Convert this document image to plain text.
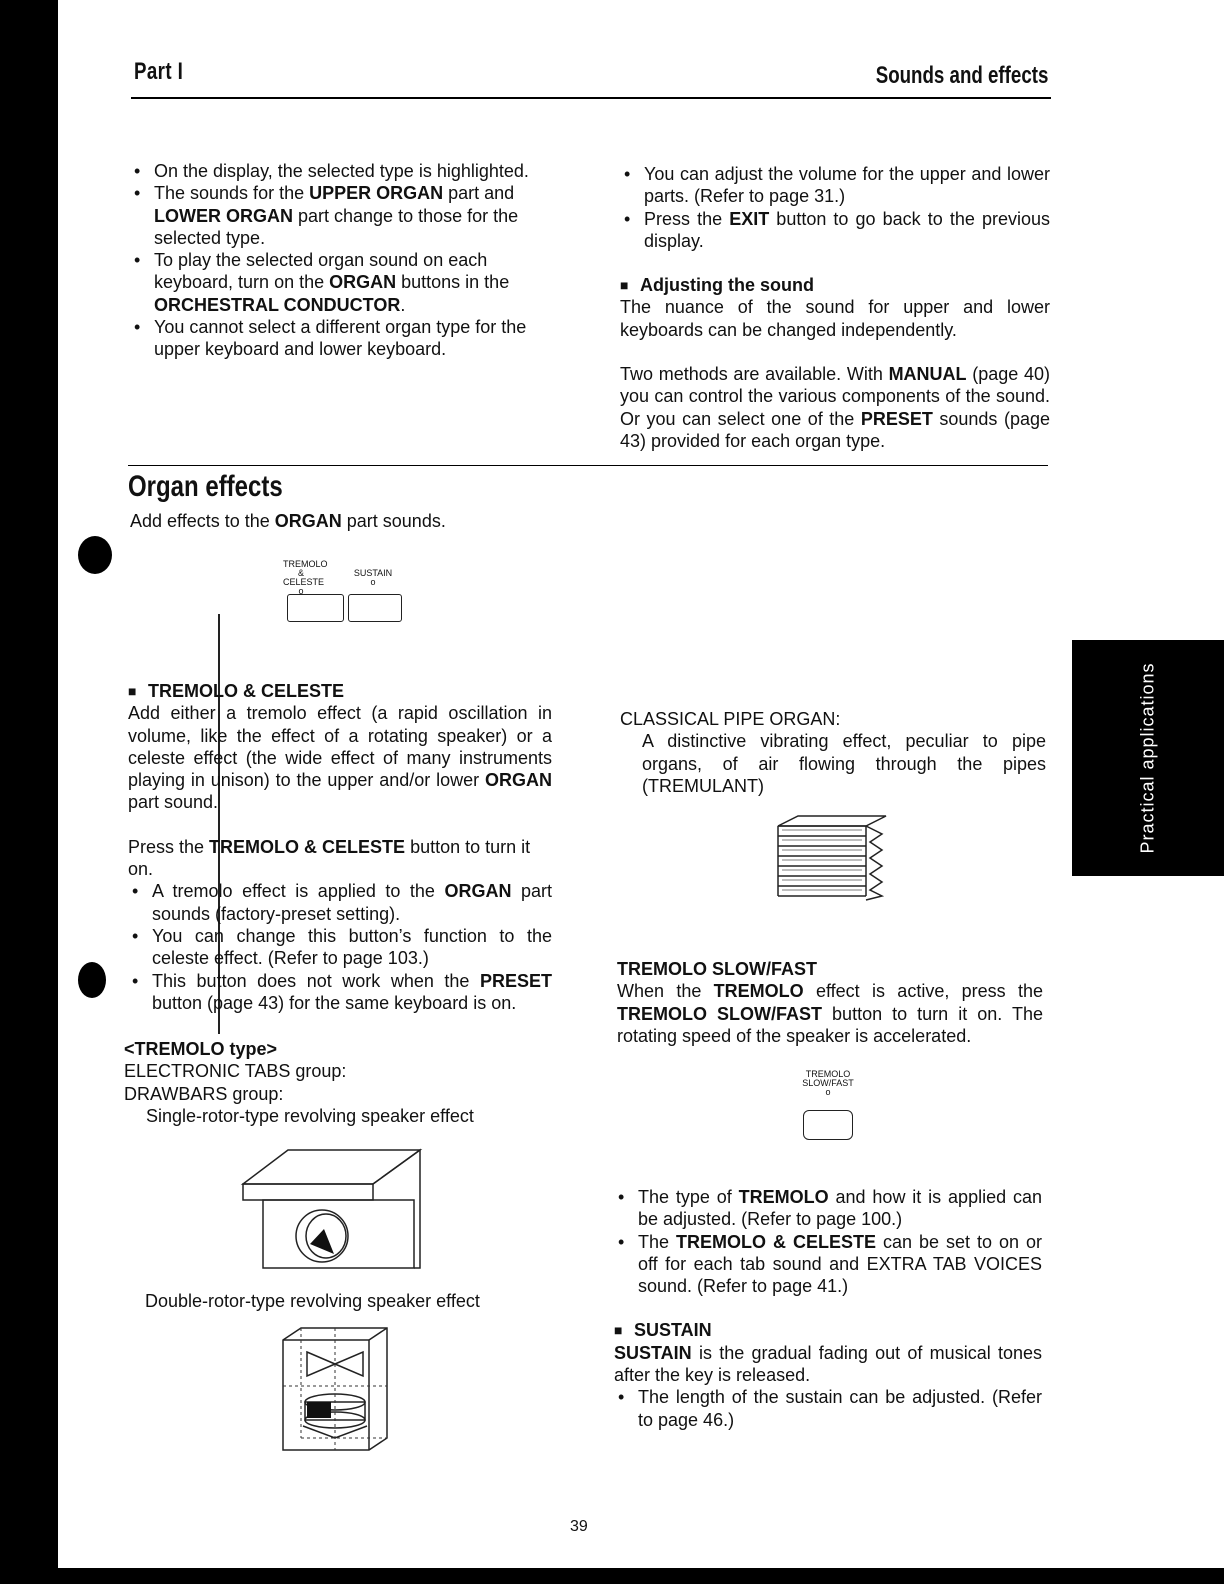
Part I	Sounds and effects
• On the display, the selected type is highlighted.
• The sounds for the UPPER ORGAN part and LOWER ORGAN part change to those for the selected type.
• To play the selected organ sound on each keyboard, turn on the ORGAN buttons in the ORCHESTRAL CONDUCTOR.
• You cannot select a different organ type for the upper keyboard and lower keyboard.
• You can adjust the volume for the upper and lower parts. (Refer to page 31.)
• Press the EXIT button to go back to the previous display.
■ Adjusting the sound
The nuance of the sound for upper and lower keyboards can be changed independently.
Two methods are available. With MANUAL (page 40) you can control the various components of the sound. Or you can select one of the PRESET sounds (page 43) provided for each organ type.
Organ effects
Add effects to the ORGAN part sounds.
TREMOLO &
CELESTE
o
SUSTAIN
o
■ TREMOLO & CELESTE
Add either a tremolo effect (a rapid oscillation in volume, like the effect of a rotating speaker) or a celeste effect (the wide effect of many instruments playing in unison) to the upper and/or lower ORGAN part sound.
Press the TREMOLO & CELESTE button to turn it on.
• A tremolo effect is applied to the ORGAN part sounds (factory-preset setting).
• You can change this button’s function to the celeste effect. (Refer to page 103.)
• This button does not work when the PRESET button (page 43) for the same keyboard is on.
<TREMOLO type>
ELECTRONIC TABS group:
DRAWBARS group:
Single-rotor-type revolving speaker effect
Double-rotor-type revolving speaker effect
CLASSICAL PIPE ORGAN:
A distinctive vibrating effect, peculiar to pipe organs, of air flowing through the pipes (TREMULANT)
TREMOLO SLOW/FAST
When the TREMOLO effect is active, press the TREMOLO SLOW/FAST button to turn it on. The rotating speed of the speaker is accelerated.
TREMOLO
SLOW/FAST
o
• The type of TREMOLO and how it is applied can be adjusted. (Refer to page 100.)
• The TREMOLO & CELESTE can be set to on or off for each tab sound and EXTRA TAB VOICES sound. (Refer to page 41.)
■ SUSTAIN
SUSTAIN is the gradual fading out of musical tones after the key is released.
• The length of the sustain can be adjusted. (Refer to page 46.)
Practical applications
39
